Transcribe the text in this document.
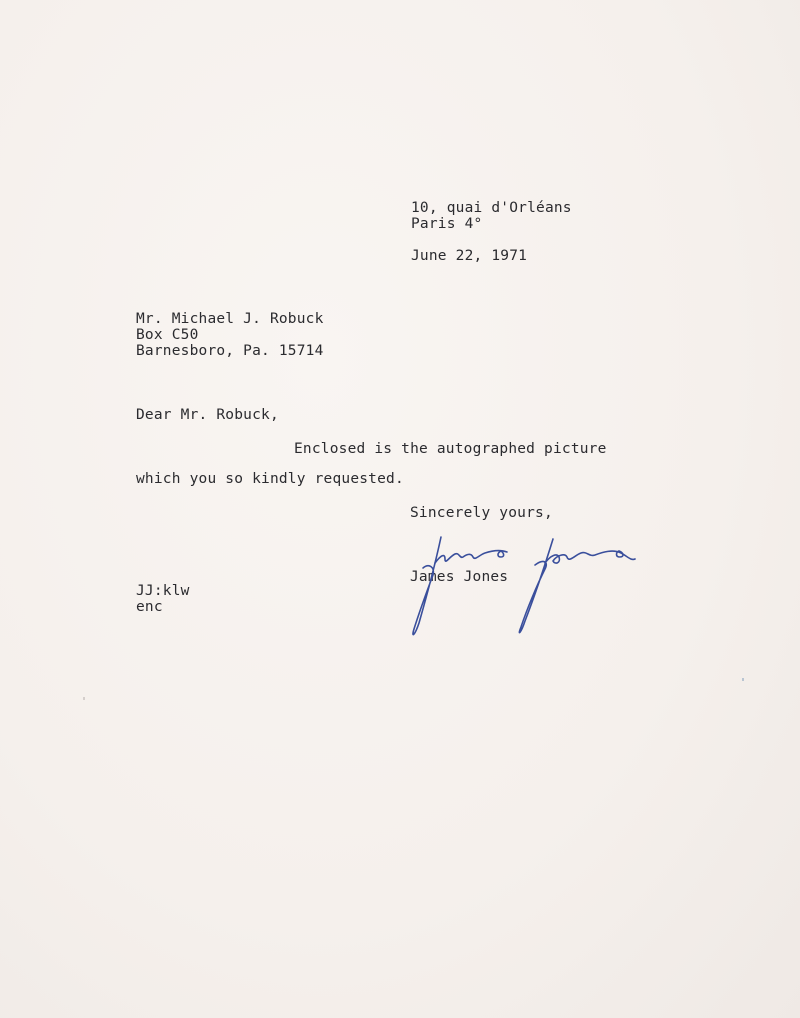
10, quai d'Orléans
Paris 4°
June 22, 1971
Mr. Michael J. Robuck
Box C50
Barnesboro, Pa. 15714
Dear Mr. Robuck,
Enclosed is the autographed picture
which you so kindly requested.
Sincerely yours,
James Jones
JJ:klw
enc
